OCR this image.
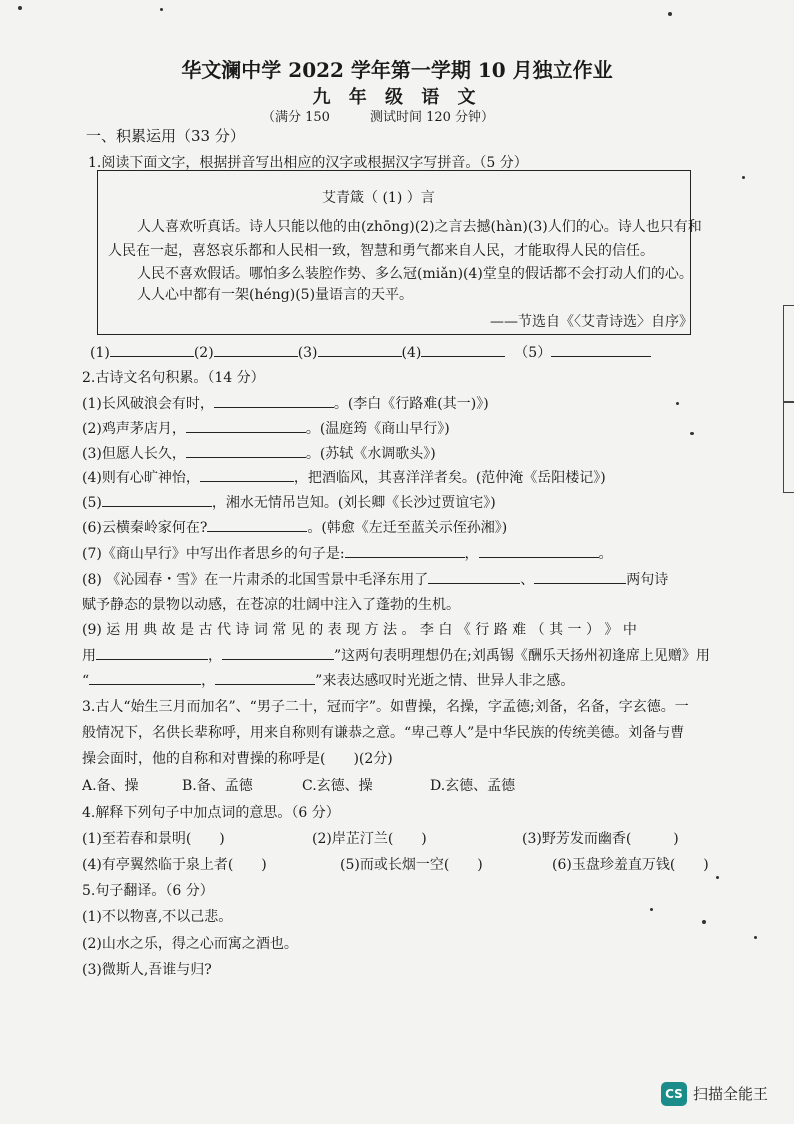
华文澜中学 2022 学年第一学期 10 月独立作业
九 年 级 语 文
（满分 150	测试时间 120 分钟）
一、积累运用（33 分）
1.阅读下面文字，根据拼音写出相应的汉字或根据汉字写拼音。（5 分）
艾青箴（ (1) ）言
人人喜欢听真话。诗人只能以他的由(zhōng)(2)之言去撼(hàn)(3)人们的心。诗人也只有和
人民在一起，喜怒哀乐都和人民相一致，智慧和勇气都来自人民，才能取得人民的信任。
人民不喜欢假话。哪怕多么装腔作势、多么冠(miǎn)(4)堂皇的假话都不会打动人们的心。
人人心中都有一架(héng)(5)量语言的天平。
——节选自《〈艾青诗选〉自序》
(1)	(2)	(3)	(4)	（5）
2.古诗文名句积累。（14 分）
(1)长风破浪会有时，	。(李白《行路难(其一)》)
(2)鸡声茅店月，	。(温庭筠《商山早行》)
(3)但愿人长久，	。(苏轼《水调歌头》)
(4)则有心旷神怡，	，把酒临风，其喜洋洋者矣。(范仲淹《岳阳楼记》)
(5)	，湘水无情吊岂知。(刘长卿《长沙过贾谊宅》)
(6)云横秦岭家何在?	。(韩愈《左迁至蓝关示侄孙湘》)
(7)《商山早行》中写出作者思乡的句子是:	，	。
(8) 《沁园春・雪》在一片肃杀的北国雪景中毛泽东用了	、	两句诗
赋予静态的景物以动感，在苍凉的壮阔中注入了蓬勃的生机。
(9) 运 用 典 故 是 古 代 诗 词 常 见 的 表 现 方 法 。 李 白 《 行 路 难 （ 其 一 ） 》 中
用	，	”这两句表明理想仍在;刘禹锡《酬乐天扬州初逢席上见赠》用
“	，	”来表达感叹时光逝之情、世异人非之感。
3.古人“始生三月而加名”、“男子二十，冠而字”。如曹操，名操，字孟德;刘备，名备，字玄德。一
般情况下，名供长辈称呼，用来自称则有谦恭之意。“卑己尊人”是中华民族的传统美德。刘备与曹
操会面时，他的自称和对曹操的称呼是(　　)(2分)
A.备、操	B.备、孟德	C.玄德、操	D.玄德、孟德
4.解释下列句子中加点词的意思。（6 分）
(1)至若春和景明(　　)	(2)岸芷汀兰(　　)	(3)野芳发而幽香(　　　)
(4)有亭翼然临于泉上者(　　)	(5)而或长烟一空(　　)	(6)玉盘珍羞直万钱(　　)
5.句子翻译。（6 分）
(1)不以物喜,不以己悲。
(2)山水之乐，得之心而寓之酒也。
(3)微斯人,吾谁与归?
CS 扫描全能王
